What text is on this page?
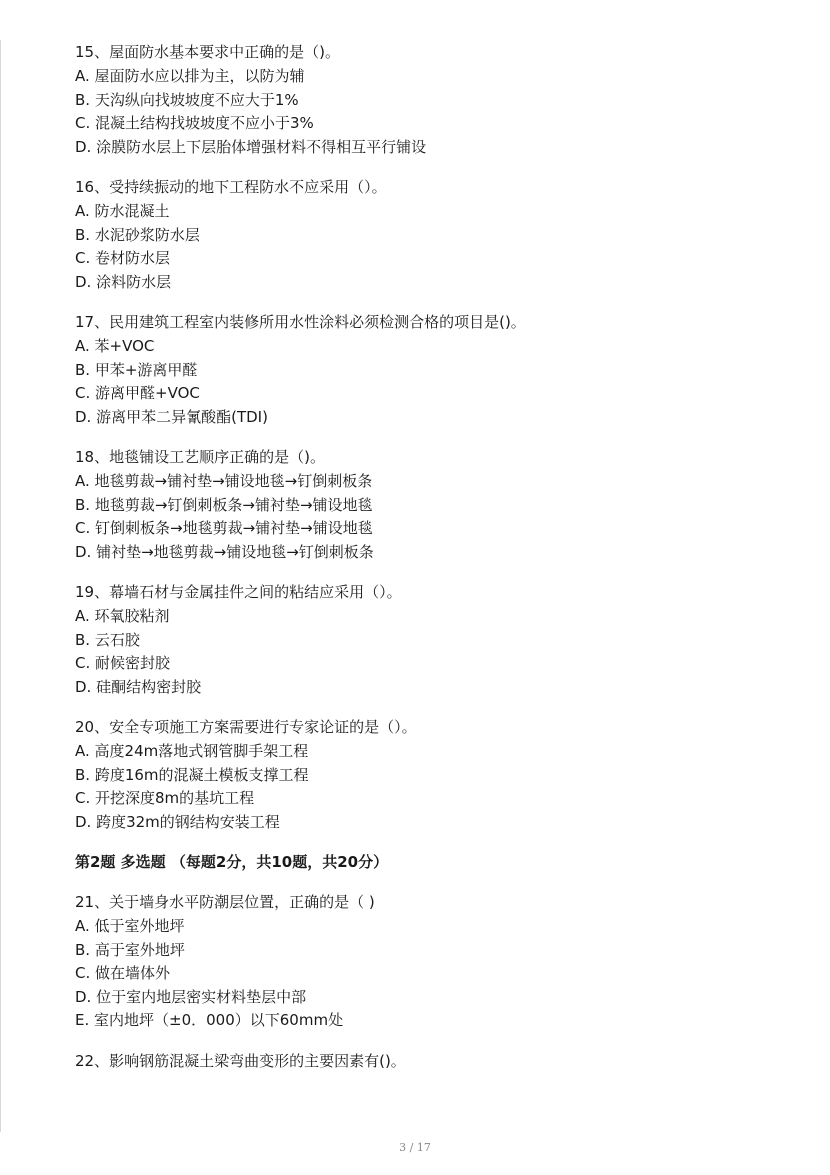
15、屋面防水基本要求中正确的是（)。
A. 屋面防水应以排为主，以防为辅
B. 天沟纵向找坡坡度不应大于1%
C. 混凝土结构找坡坡度不应小于3%
D. 涂膜防水层上下层胎体增强材料不得相互平行铺设
16、受持续振动的地下工程防水不应采用（）。
A. 防水混凝土
B. 水泥砂浆防水层
C. 卷材防水层
D. 涂料防水层
17、民用建筑工程室内装修所用水性涂料必须检测合格的项目是()。
A. 苯+VOC
B. 甲苯+游离甲醛
C. 游离甲醛+VOC
D. 游离甲苯二异氰酸酯(TDI)
18、地毯铺设工艺顺序正确的是（)。
A. 地毯剪裁→铺衬垫→铺设地毯→钉倒刺板条
B. 地毯剪裁→钉倒刺板条→铺衬垫→铺设地毯
C. 钉倒刺板条→地毯剪裁→铺衬垫→铺设地毯
D. 铺衬垫→地毯剪裁→铺设地毯→钉倒刺板条
19、幕墙石材与金属挂件之间的粘结应采用（）。
A. 环氧胶粘剂
B. 云石胶
C. 耐候密封胶
D. 硅酮结构密封胶
20、安全专项施工方案需要进行专家论证的是（）。
A. 高度24m落地式钢管脚手架工程
B. 跨度16m的混凝土模板支撑工程
C. 开挖深度8m的基坑工程
D. 跨度32m的钢结构安装工程
第2题 多选题 （每题2分，共10题，共20分）
21、关于墙身水平防潮层位置，正确的是（ )
A. 低于室外地坪
B. 高于室外地坪
C. 做在墙体外
D. 位于室内地层密实材料垫层中部
E. 室内地坪（±0．000）以下60mm处
22、影响钢筋混凝土梁弯曲变形的主要因素有()。
3 / 17
